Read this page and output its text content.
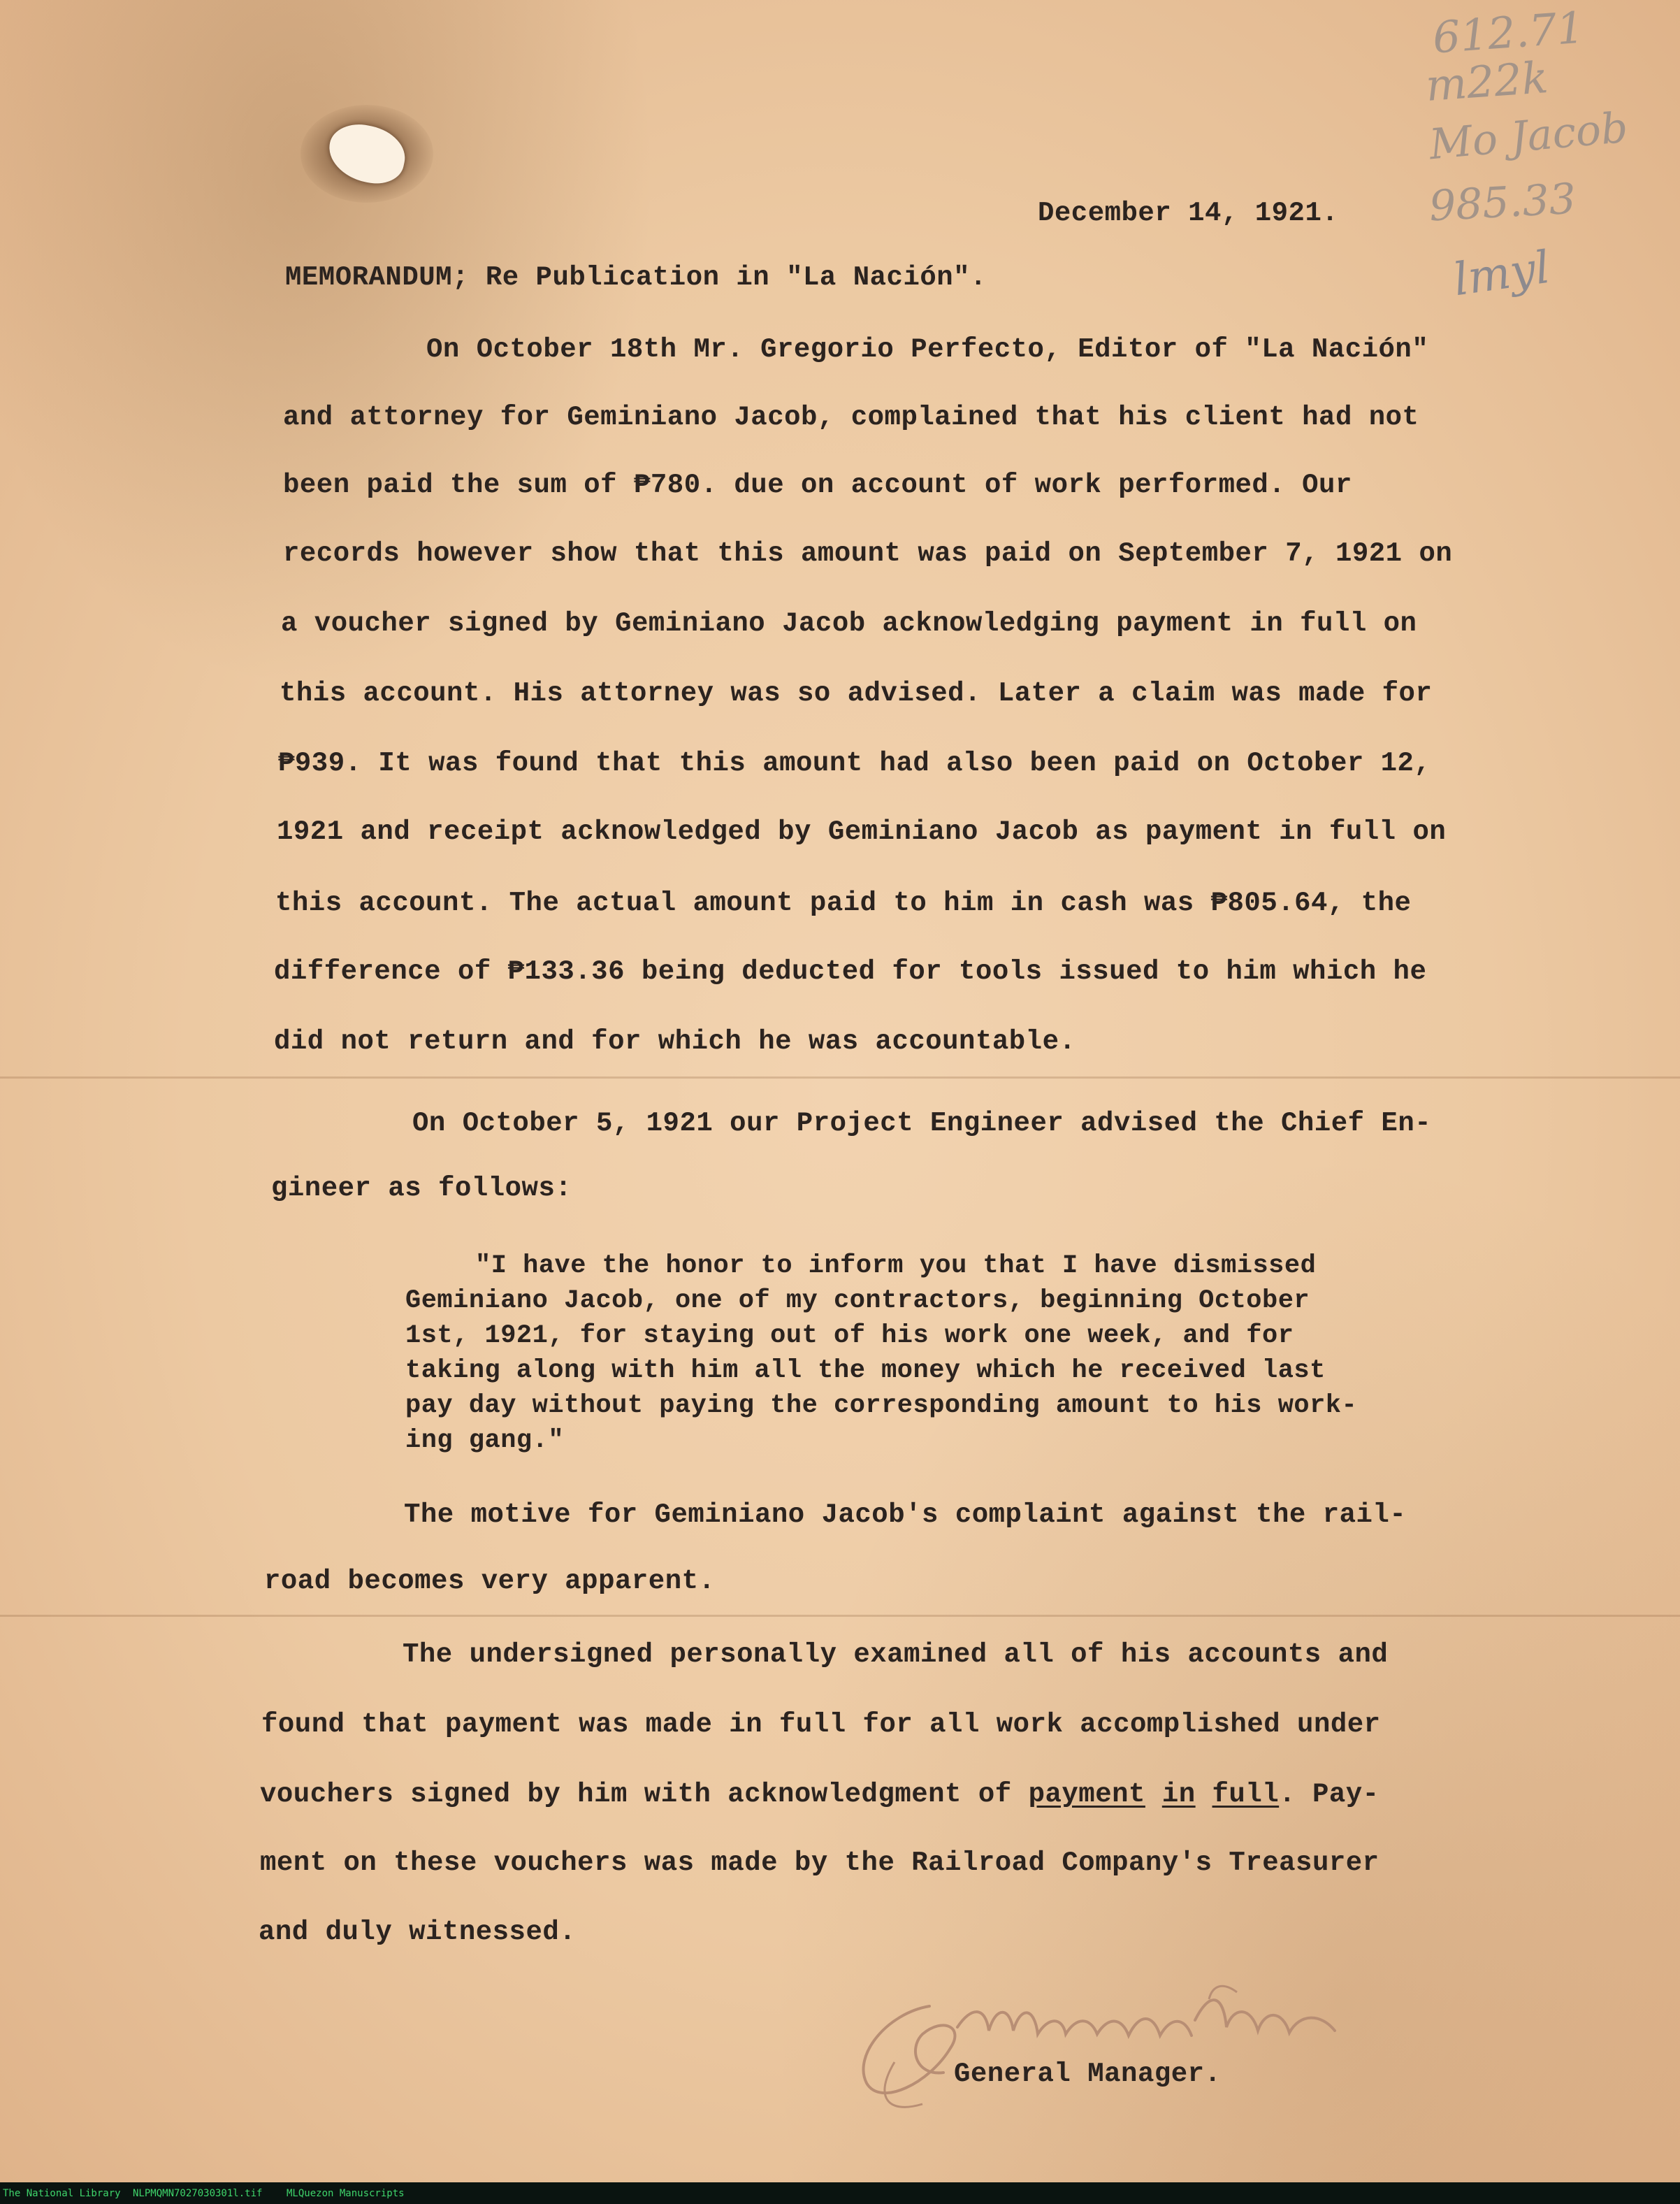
612.71
m22k
Mo Jacob
985.33
lmyl
December 14, 1921.
MEMORANDUM; Re Publication in "La Nación".
On October 18th Mr. Gregorio Perfecto, Editor of "La Nación"
and attorney for Geminiano Jacob, complained that his client had not
been paid the sum of ₱780. due on account of work performed. Our
records however show that this amount was paid on September 7, 1921 on
a voucher signed by Geminiano Jacob acknowledging payment in full on
this account. His attorney was so advised. Later a claim was made for
₱939. It was found that this amount had also been paid on October 12,
1921 and receipt acknowledged by Geminiano Jacob as payment in full on
this account. The actual amount paid to him in cash was ₱805.64, the
difference of ₱133.36 being deducted for tools issued to him which he
did not return and for which he was accountable.
On October 5, 1921 our Project Engineer advised the Chief En-
gineer as follows:
"I have the honor to inform you that I have dismissed
Geminiano Jacob, one of my contractors, beginning October
1st, 1921, for staying out of his work one week, and for
taking along with him all the money which he received last
pay day without paying the corresponding amount to his work-
ing gang."
The motive for Geminiano Jacob's complaint against the rail-
road becomes very apparent.
The undersigned personally examined all of his accounts and
found that payment was made in full for all work accomplished under
vouchers signed by him with acknowledgment of payment in full. Pay-
ment on these vouchers was made by the Railroad Company's Treasurer
and duly witnessed.
General Manager.
The National Library NLPMQMN7027030301l.tif MLQuezon Manuscripts
